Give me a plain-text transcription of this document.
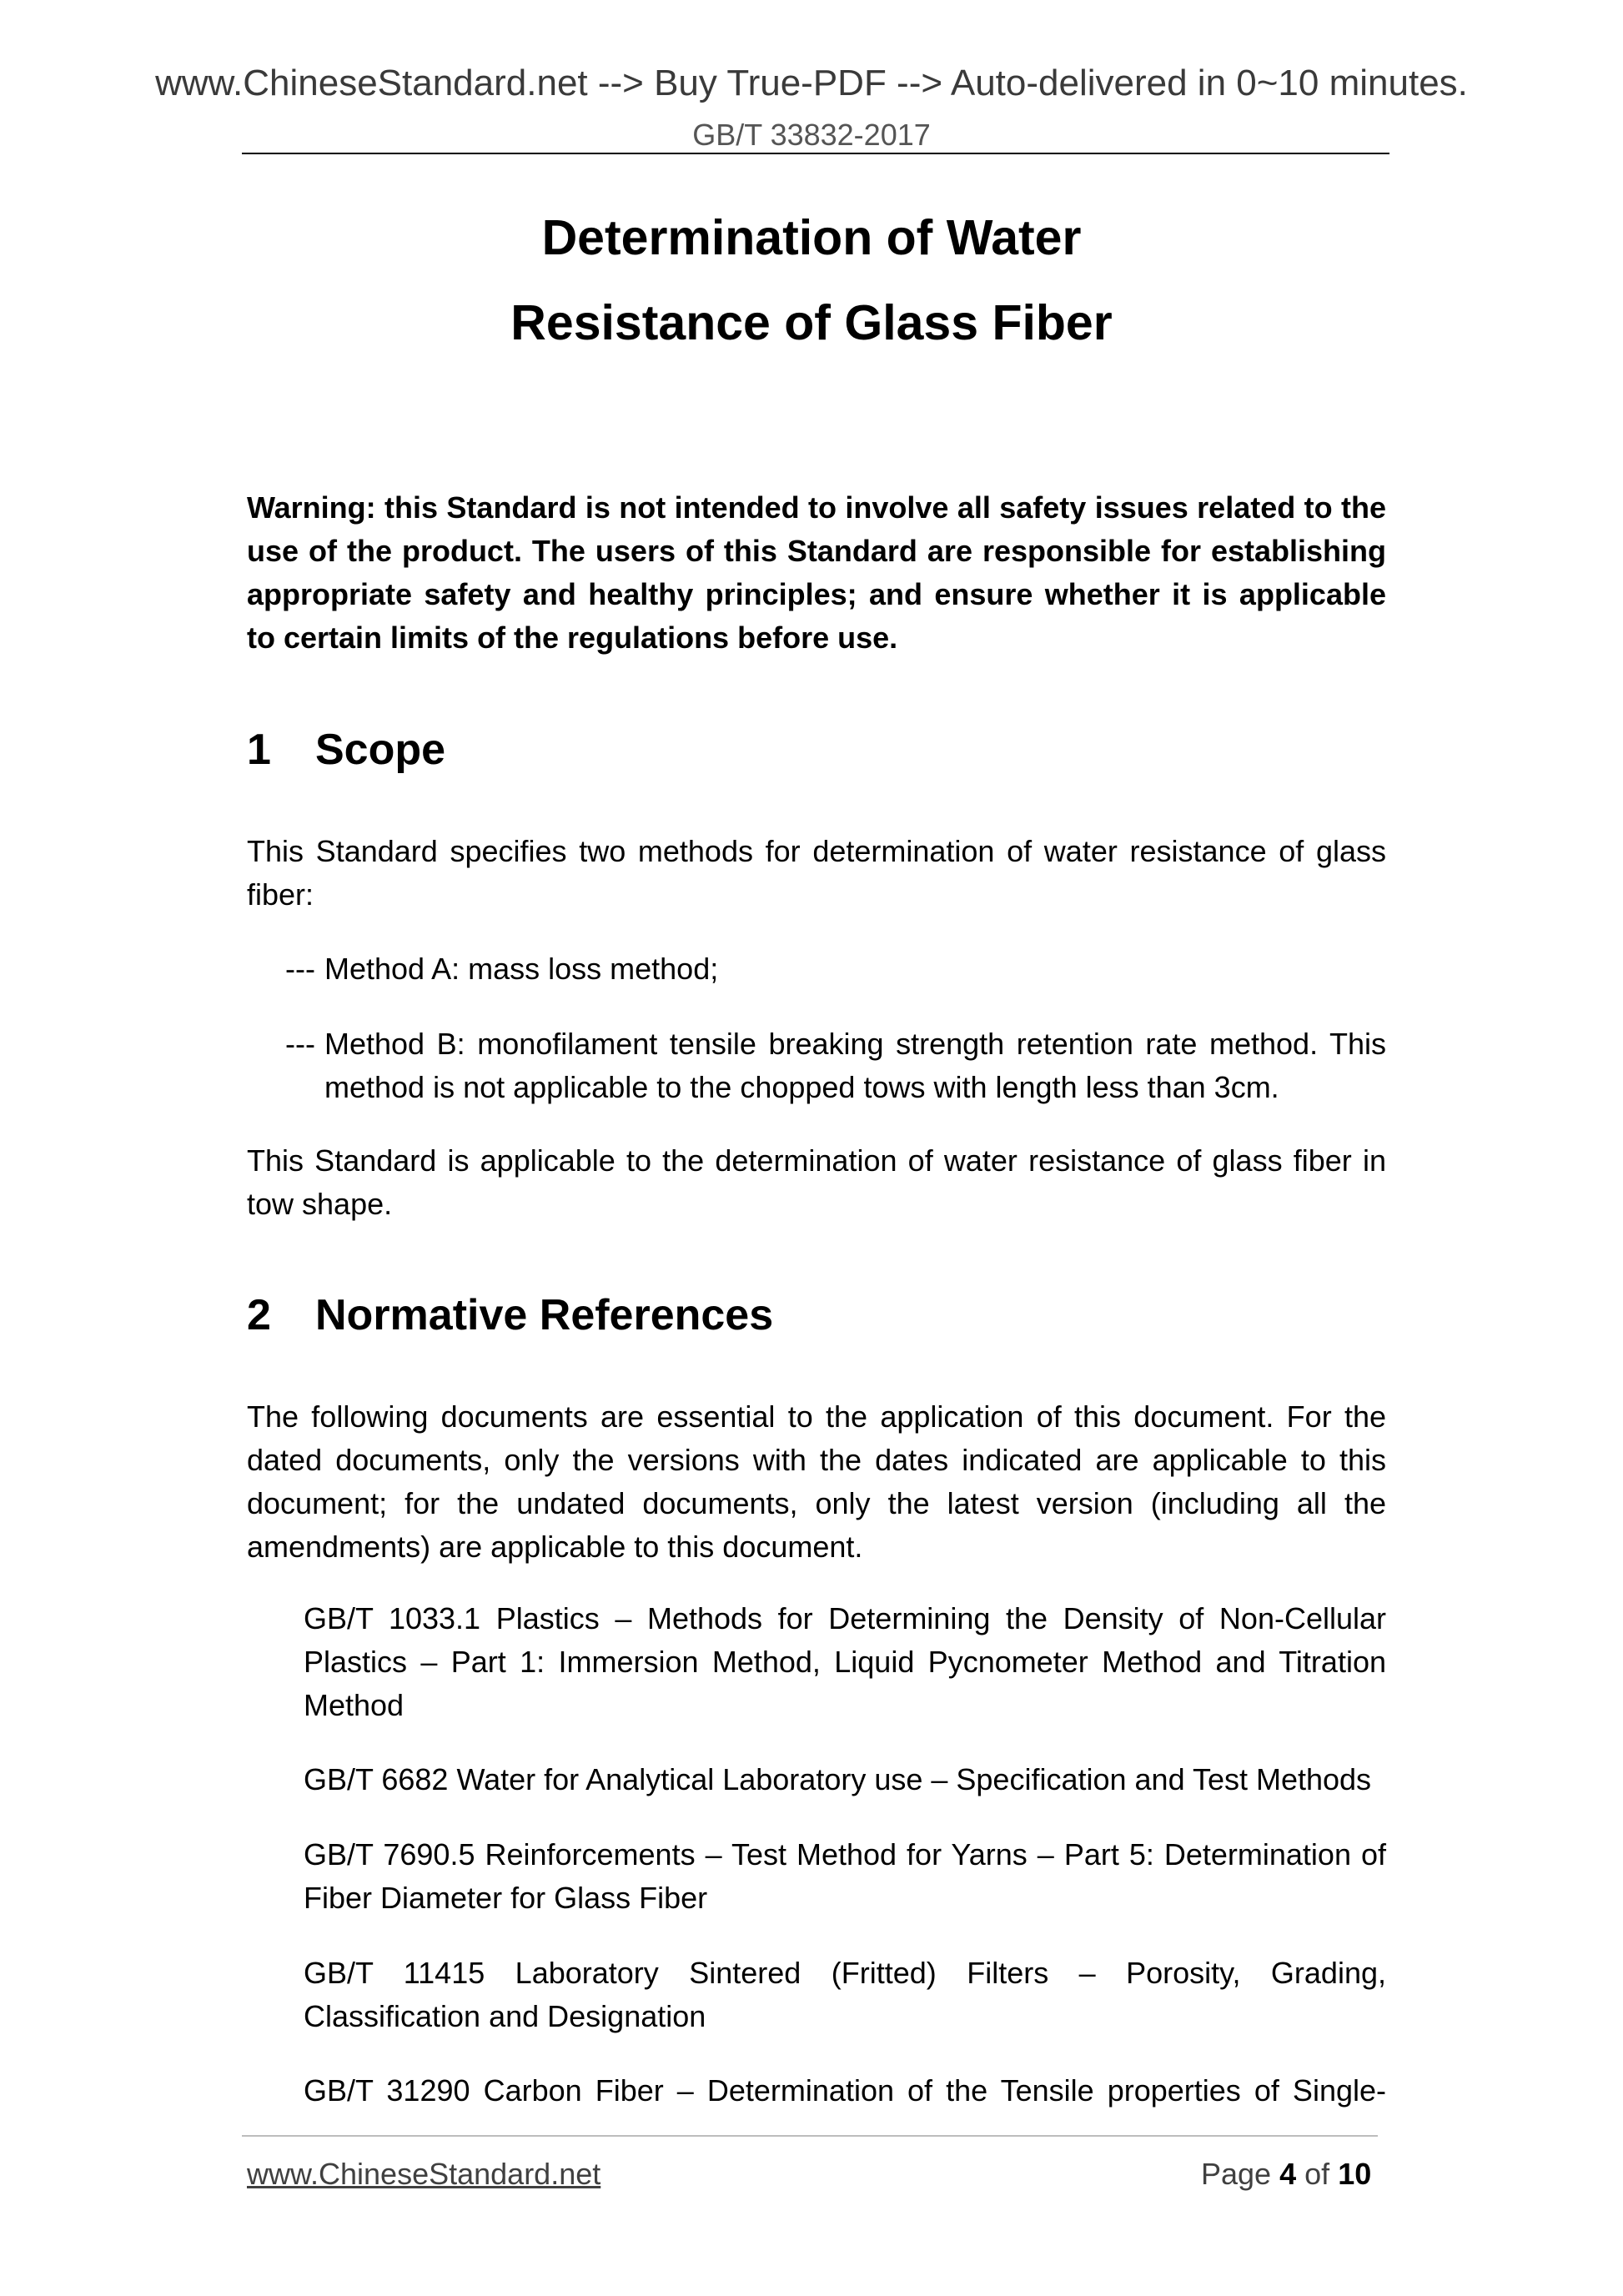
www.ChineseStandard.net --> Buy True-PDF --> Auto-delivered in 0~10 minutes.
GB/T 33832-2017
Determination of Water
Resistance of Glass Fiber

Warning: this Standard is not intended to involve all safety issues related to the use of the product. The users of this Standard are responsible for establishing appropriate safety and healthy principles; and ensure whether it is applicable to certain limits of the regulations before use.

1 Scope

This Standard specifies two methods for determination of water resistance of glass fiber:

--- Method A: mass loss method;
--- Method B: monofilament tensile breaking strength retention rate method. This
method is not applicable to the chopped tows with length less than 3cm.

This Standard is applicable to the determination of water resistance of glass fiber in tow shape.

2 Normative References

The following documents are essential to the application of this document. For the dated documents, only the versions with the dates indicated are applicable to this document; for the undated documents, only the latest version (including all the amendments) are applicable to this document.

GB/T 1033.1 Plastics – Methods for Determining the Density of Non-Cellular Plastics – Part 1: Immersion Method, Liquid Pycnometer Method and Titration Method

GB/T 6682 Water for Analytical Laboratory use – Specification and Test Methods

GB/T 7690.5 Reinforcements – Test Method for Yarns – Part 5: Determination of Fiber Diameter for Glass Fiber

GB/T 11415 Laboratory Sintered (Fritted) Filters – Porosity, Grading, Classification and Designation

GB/T 31290 Carbon Fiber – Determination of the Tensile properties of Single-

www.ChineseStandard.net	Page 4 of 10
